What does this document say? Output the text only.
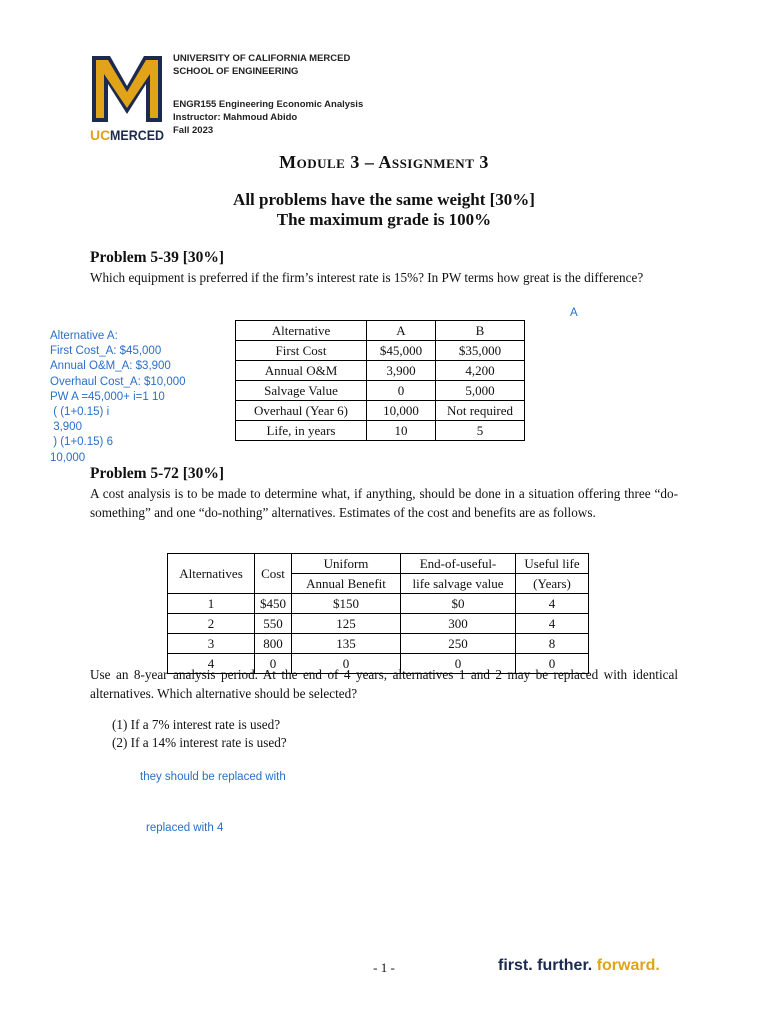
UC MERCED
UNIVERSITY OF CALIFORNIA MERCED
SCHOOL OF ENGINEERING
ENGR155 Engineering Economic Analysis
Instructor: Mahmoud Abido
Fall 2023
Module 3 – Assignment 3
All problems have the same weight [30%]
The maximum grade is 100%
Problem 5-39 [30%]
Which equipment is preferred if the firm’s interest rate is 15%? In PW terms how great is the difference?
A
Alternative A:
First Cost_A: $45,000
Annual O&M_A: $3,900
Overhaul Cost_A: $10,000
PW A =45,000+ i=1 10
( (1+0.15) i
3,900
) (1+0.15) 6
10,000
Alternative	A	B
First Cost	$45,000	$35,000
Annual O&M	3,900	4,200
Salvage Value	0	5,000
Overhaul (Year 6)	10,000	Not required
Life, in years	10	5
Problem 5-72 [30%]
A cost analysis is to be made to determine what, if anything, should be done in a situation offering three “do-something” and one “do-nothing” alternatives. Estimates of the cost and benefits are as follows.
Alternatives	Cost	Uniform	End-of-useful-	Useful life
		Annual Benefit	life salvage value	(Years)
1	$450	$150	$0	4
2	550	125	300	4
3	800	135	250	8
4	0	0	0	0
Use an 8-year analysis period. At the end of 4 years, alternatives 1 and 2 may be replaced with identical alternatives. Which alternative should be selected?
(1) If a 7% interest rate is used?
(2) If a 14% interest rate is used?
they should be replaced with
replaced with 4
- 1 -	first. further. forward.
